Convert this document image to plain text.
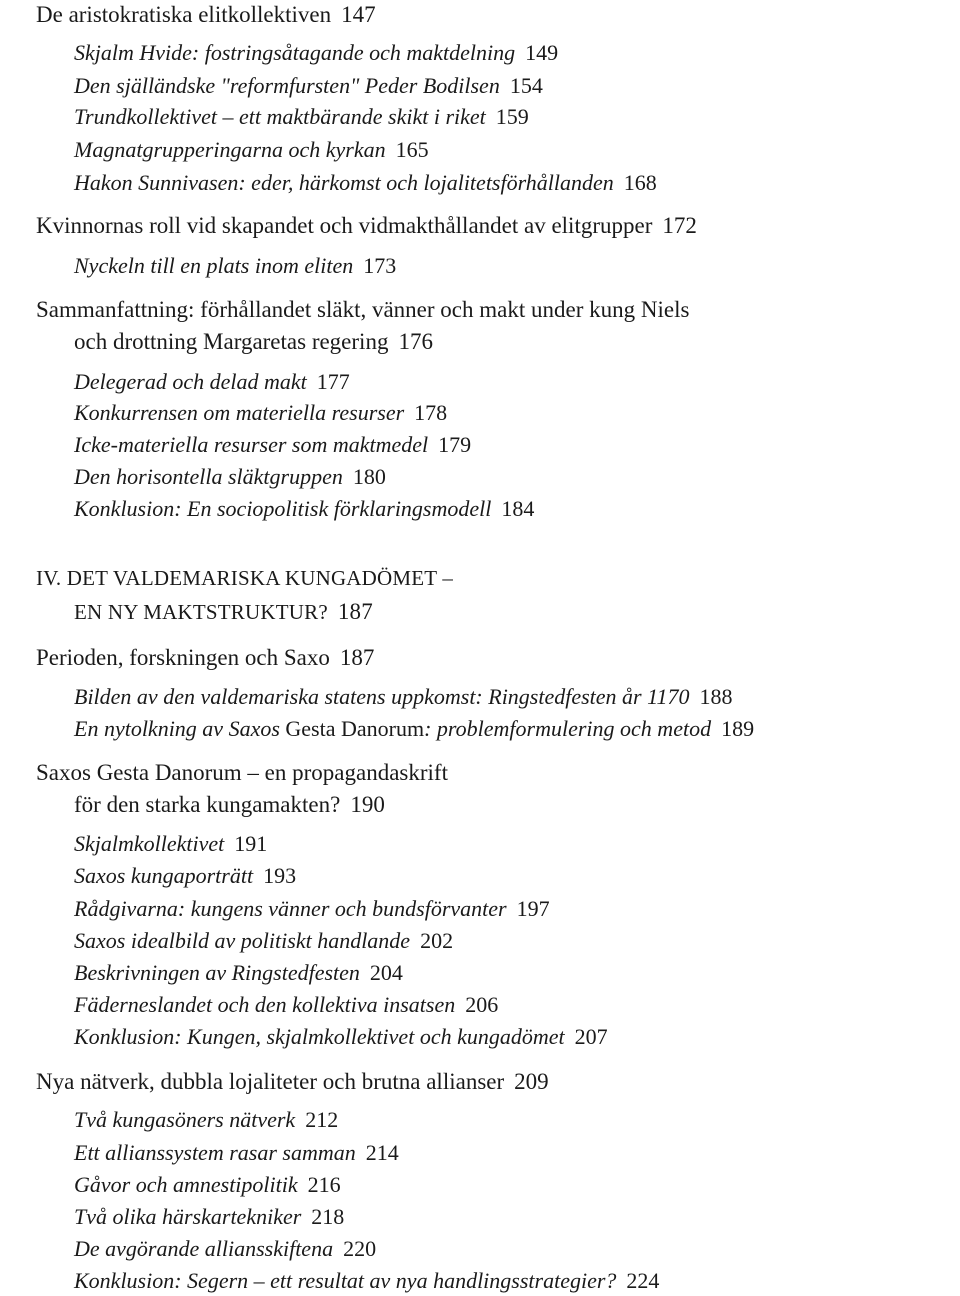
De aristokratiska elitkollektiven 147
Skjalm Hvide: fostringsåtagande och maktdelning 149
Den själländske "reformfursten" Peder Bodilsen 154
Trundkollektivet – ett maktbärande skikt i riket 159
Magnatgrupperingarna och kyrkan 165
Hakon Sunnivasen: eder, härkomst och lojalitetsförhållanden 168
Kvinnornas roll vid skapandet och vidmakthållandet av elitgrupper 172
Nyckeln till en plats inom eliten 173
Sammanfattning: förhållandet släkt, vänner och makt under kung Niels
och drottning Margaretas regering 176
Delegerad och delad makt 177
Konkurrensen om materiella resurser 178
Icke-materiella resurser som maktmedel 179
Den horisontella släktgruppen 180
Konklusion: En sociopolitisk förklaringsmodell 184
IV. DET VALDEMARISKA KUNGADÖMET –
EN NY MAKTSTRUKTUR? 187
Perioden, forskningen och Saxo 187
Bilden av den valdemariska statens uppkomst: Ringstedfesten år 1170 188
En nytolkning av Saxos Gesta Danorum: problemformulering och metod 189
Saxos Gesta Danorum – en propagandaskrift
för den starka kungamakten? 190
Skjalmkollektivet 191
Saxos kungaporträtt 193
Rådgivarna: kungens vänner och bundsförvanter 197
Saxos idealbild av politiskt handlande 202
Beskrivningen av Ringstedfesten 204
Fäderneslandet och den kollektiva insatsen 206
Konklusion: Kungen, skjalmkollektivet och kungadömet 207
Nya nätverk, dubbla lojaliteter och brutna allianser 209
Två kungasöners nätverk 212
Ett allianssystem rasar samman 214
Gåvor och amnestipolitik 216
Två olika härskartekniker 218
De avgörande alliansskiftena 220
Konklusion: Segern – ett resultat av nya handlingsstrategier? 224
